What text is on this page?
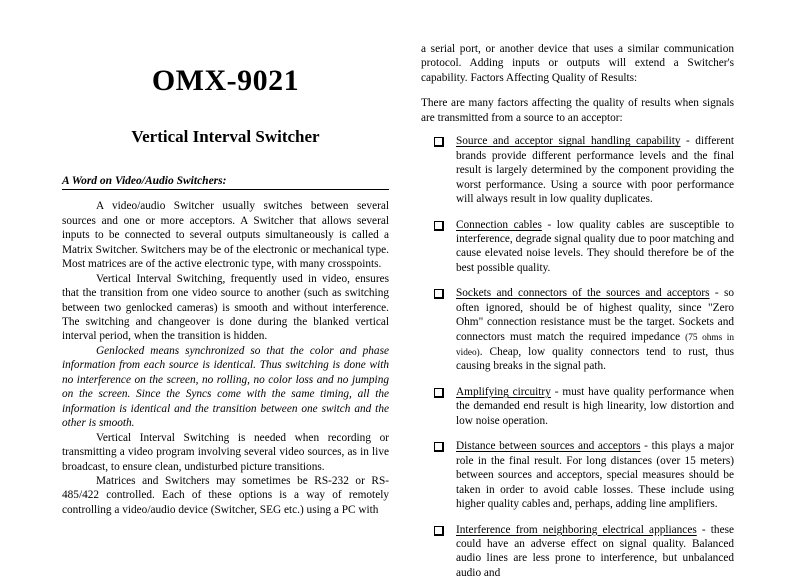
OMX-9021
Vertical Interval Switcher
A Word on Video/Audio Switchers:

A video/audio Switcher usually switches between several sources and one or more acceptors. A Switcher that allows several inputs to be connected to several outputs simultaneously is called a Matrix Switcher. Switchers may be of the electronic or mechanical type. Most matrices are of the active electronic type, with many crosspoints.

Vertical Interval Switching, frequently used in video, ensures that the transition from one video source to another (such as switching between two genlocked cameras) is smooth and without interference. The switching and changeover is done during the blanked vertical interval period, when the transition is hidden.

Genlocked means synchronized so that the color and phase information from each source is identical. Thus switching is done with no interference on the screen, no rolling, no color loss and no jumping on the screen. Since the Syncs come with the same timing, all the information is identical and the transition between one switch and the other is smooth.

Vertical Interval Switching is needed when recording or transmitting a video program involving several video sources, as in live broadcast, to ensure clean, undisturbed picture transitions.

Matrices and Switchers may sometimes be RS-232 or RS-485/422 controlled. Each of these options is a way of remotely controlling a video/audio device (Switcher, SEG etc.) using a PC with

a serial port, or another device that uses a similar communication protocol. Adding inputs or outputs will extend a Switcher's capability. Factors Affecting Quality of Results:

There are many factors affecting the quality of results when signals are transmitted from a source to an acceptor:

Source and acceptor signal handling capability - different brands provide different performance levels and the final result is largely determined by the component providing the worst performance. Using a source with poor performance will always result in low quality duplicates.
Connection cables - low quality cables are susceptible to interference, degrade signal quality due to poor matching and cause elevated noise levels. They should therefore be of the best possible quality.
Sockets and connectors of the sources and acceptors - so often ignored, should be of highest quality, since "Zero Ohm" connection resistance must be the target. Sockets and connectors must match the required impedance (75 ohms in video). Cheap, low quality connectors tend to rust, thus causing breaks in the signal path.
Amplifying circuitry - must have quality performance when the demanded end result is high linearity, low distortion and low noise operation.
Distance between sources and acceptors - this plays a major role in the final result. For long distances (over 15 meters) between sources and acceptors, special measures should be taken in order to avoid cable losses. These include using higher quality cables and, perhaps, adding line amplifiers.
Interference from neighboring electrical appliances - these could have an adverse effect on signal quality. Balanced audio lines are less prone to interference, but unbalanced audio and
